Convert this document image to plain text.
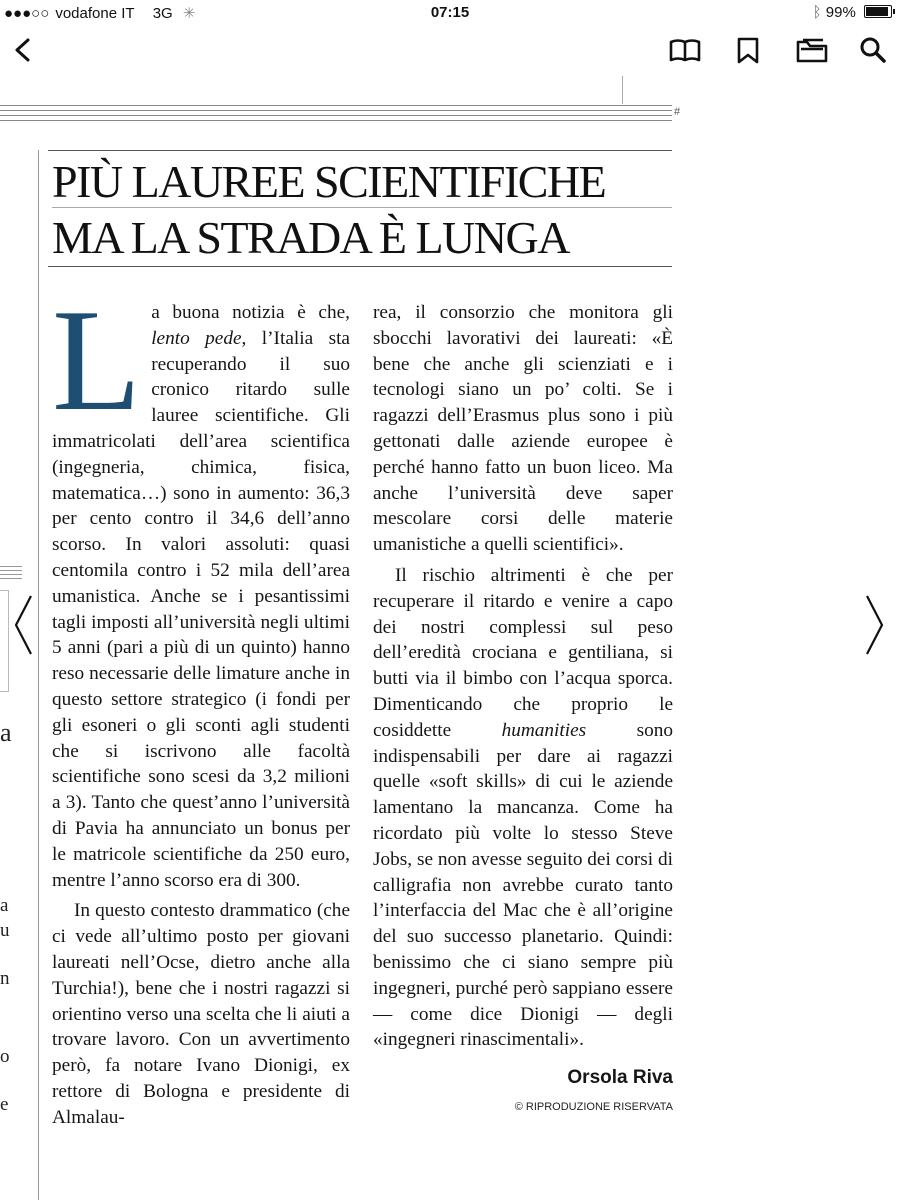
●●●○○ vodafone IT 3G ✳	07:15	ᛒ 99%
#
PIÙ LAUREE SCIENTIFICHE
MA LA STRADA È LUNGA

La buona notizia è che, lento pede, l’Italia sta recuperando il suo cronico ritardo sulle lauree scientifiche. Gli immatricolati dell’area scientifica (ingegneria, chimica, fisica, matematica…) sono in aumento: 36,3 per cento contro il 34,6 dell’anno scorso. In valori assoluti: quasi centomila contro i 52 mila dell’area umanistica. Anche se i pesantissimi tagli imposti all’università negli ultimi 5 anni (pari a più di un quinto) hanno reso necessarie delle limature anche in questo settore strategico (i fondi per gli esoneri o gli sconti agli studenti che si iscrivono alle facoltà scientifiche sono scesi da 3,2 milioni a 3). Tanto che quest’anno l’università di Pavia ha annunciato un bonus per le matricole scientifiche da 250 euro, mentre l’anno scorso era di 300.

In questo contesto drammatico (che ci vede all’ultimo posto per giovani laureati nell’Ocse, dietro anche alla Turchia!), bene che i nostri ragazzi si orientino verso una scelta che li aiuti a trovare lavoro. Con un avvertimento però, fa notare Ivano Dionigi, ex rettore di Bologna e presidente di Almalau-

rea, il consorzio che monitora gli sbocchi lavorativi dei laureati: «È bene che anche gli scienziati e i tecnologi siano un po’ colti. Se i ragazzi dell’Erasmus plus sono i più gettonati dalle aziende europee è perché hanno fatto un buon liceo. Ma anche l’università deve saper mescolare corsi delle materie umanistiche a quelli scientifici».

Il rischio altrimenti è che per recuperare il ritardo e venire a capo dei nostri complessi sul peso dell’eredità crociana e gentiliana, si butti via il bimbo con l’acqua sporca. Dimenticando che proprio le cosiddette humanities sono indispensabili per dare ai ragazzi quelle «soft skills» di cui le aziende lamentano la mancanza. Come ha ricordato più volte lo stesso Steve Jobs, se non avesse seguito dei corsi di calligrafia non avrebbe curato tanto l’interfaccia del Mac che è all’origine del suo successo planetario. Quindi: benissimo che ci siano sempre più ingegneri, purché però sappiano essere — come dice Dionigi — degli «ingegneri rinascimentali».

Orsola Riva
© RIPRODUZIONE RISERVATA
a
a
u
n
o
e
